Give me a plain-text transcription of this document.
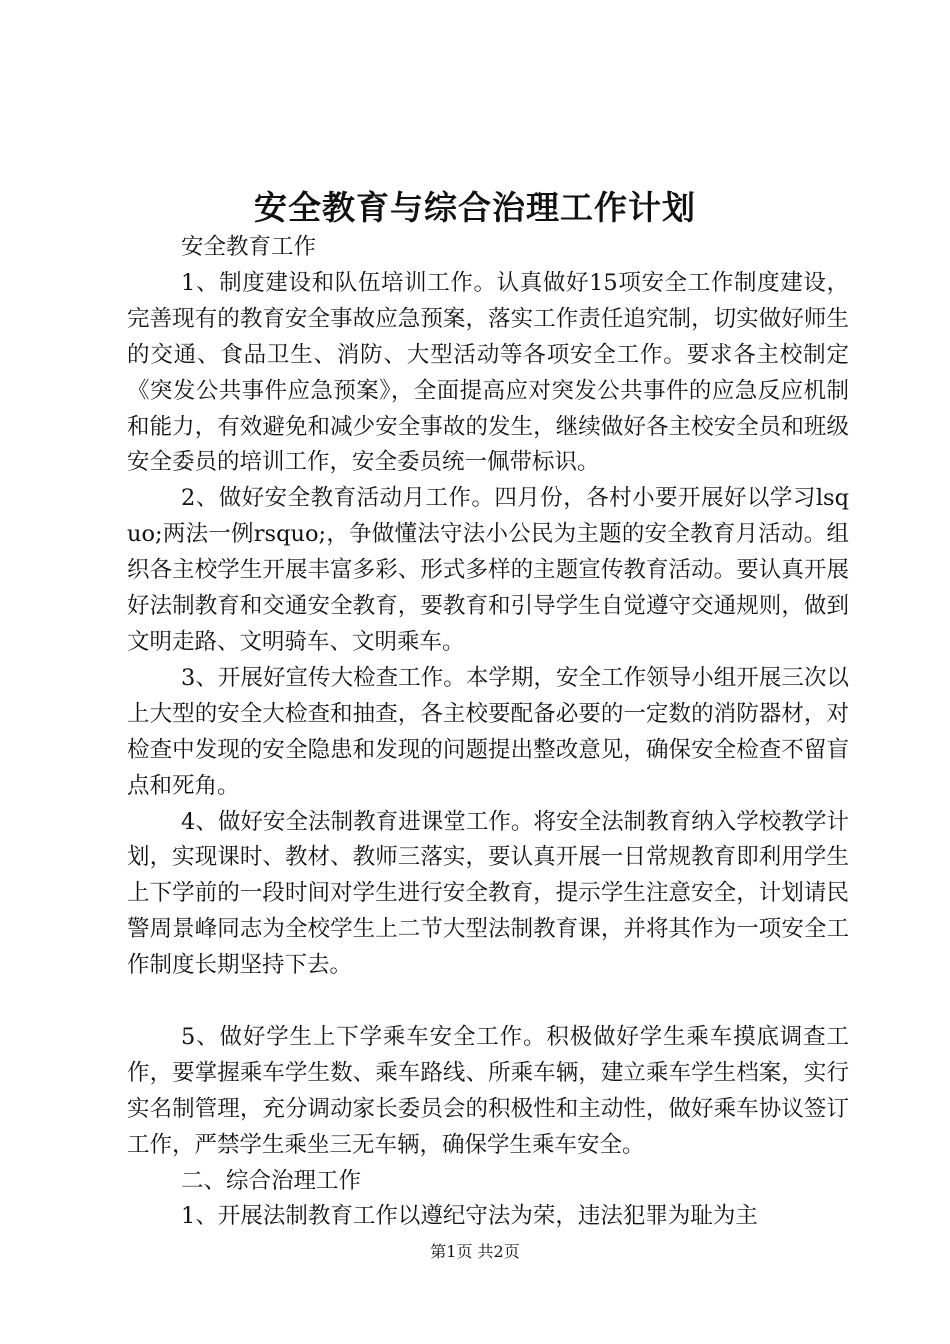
安全教育与综合治理工作计划

安全教育工作

1、制度建设和队伍培训工作。认真做好15项安全工作制度建设，完善现有的教育安全事故应急预案，落实工作责任追究制，切实做好师生的交通、食品卫生、消防、大型活动等各项安全工作。要求各主校制定《突发公共事件应急预案》，全面提高应对突发公共事件的应急反应机制和能力，有效避免和减少安全事故的发生，继续做好各主校安全员和班级安全委员的培训工作，安全委员统一佩带标识。

2、做好安全教育活动月工作。四月份，各村小要开展好以学习lsquo;两法一例rsquo;，争做懂法守法小公民为主题的安全教育月活动。组织各主校学生开展丰富多彩、形式多样的主题宣传教育活动。要认真开展好法制教育和交通安全教育，要教育和引导学生自觉遵守交通规则，做到文明走路、文明骑车、文明乘车。

3、开展好宣传大检查工作。本学期，安全工作领导小组开展三次以上大型的安全大检查和抽查，各主校要配备必要的一定数的消防器材，对检查中发现的安全隐患和发现的问题提出整改意见，确保安全检查不留盲点和死角。

4、做好安全法制教育进课堂工作。将安全法制教育纳入学校教学计划，实现课时、教材、教师三落实，要认真开展一日常规教育即利用学生上下学前的一段时间对学生进行安全教育，提示学生注意安全，计划请民警周景峰同志为全校学生上二节大型法制教育课，并将其作为一项安全工作制度长期坚持下去。

5、做好学生上下学乘车安全工作。积极做好学生乘车摸底调查工作，要掌握乘车学生数、乘车路线、所乘车辆，建立乘车学生档案，实行实名制管理，充分调动家长委员会的积极性和主动性，做好乘车协议签订工作，严禁学生乘坐三无车辆，确保学生乘车安全。

二、综合治理工作

1、开展法制教育工作以遵纪守法为荣，违法犯罪为耻为主

第1页 共2页
